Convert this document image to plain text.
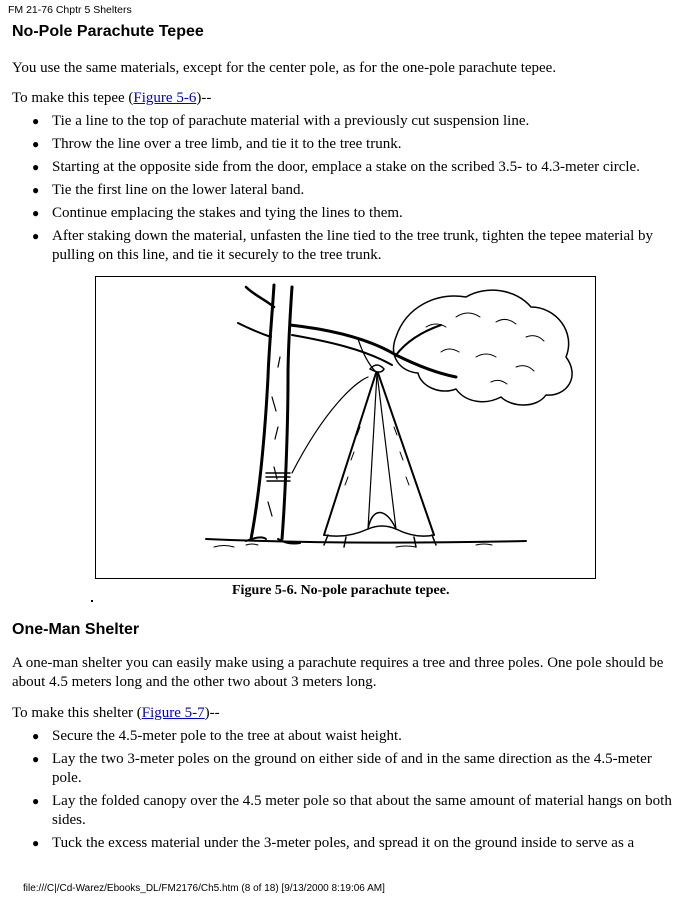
FM 21-76 Chptr 5 Shelters
No-Pole Parachute Tepee

You use the same materials, except for the center pole, as for the one-pole parachute tepee.

To make this tepee (Figure 5-6)--

● Tie a line to the top of parachute material with a previously cut suspension line.
● Throw the line over a tree limb, and tie it to the tree trunk.
● Starting at the opposite side from the door, emplace a stake on the scribed 3.5- to 4.3-meter circle.
● Tie the first line on the lower lateral band.
● Continue emplacing the stakes and tying the lines to them.
● After staking down the material, unfasten the line tied to the tree trunk, tighten the tepee material by pulling on this line, and tie it securely to the tree trunk.
Figure 5-6. No-pole parachute tepee.
One-Man Shelter

A one-man shelter you can easily make using a parachute requires a tree and three poles. One pole should be about 4.5 meters long and the other two about 3 meters long.

To make this shelter (Figure 5-7)--

● Secure the 4.5-meter pole to the tree at about waist height.
● Lay the two 3-meter poles on the ground on either side of and in the same direction as the 4.5-meter pole.
● Lay the folded canopy over the 4.5 meter pole so that about the same amount of material hangs on both sides.
● Tuck the excess material under the 3-meter poles, and spread it on the ground inside to serve as a
file:///C|/Cd-Warez/Ebooks_DL/FM2176/Ch5.htm (8 of 18) [9/13/2000 8:19:06 AM]
